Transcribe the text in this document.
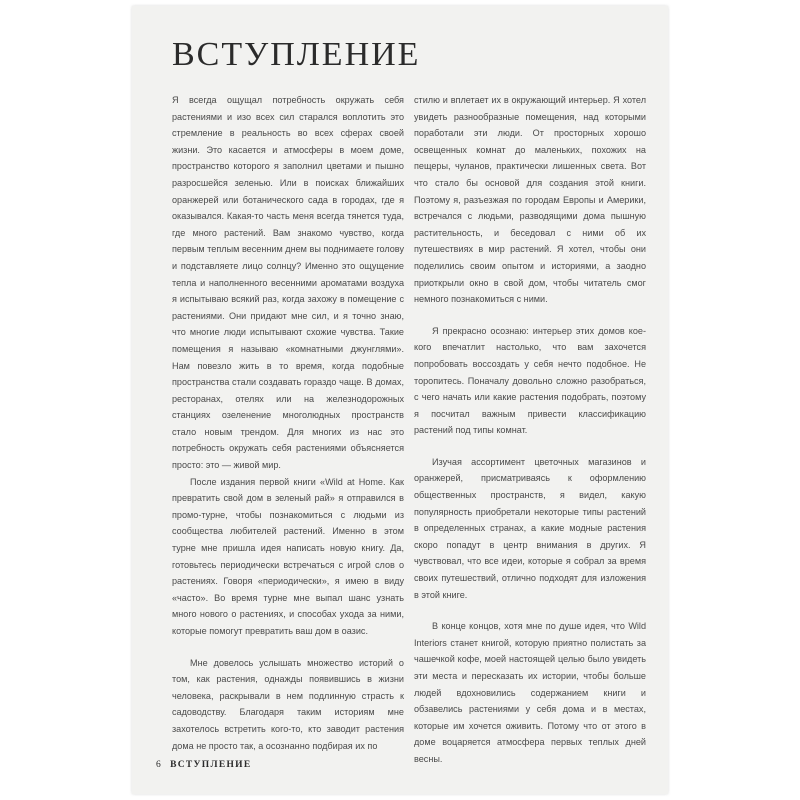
ВСТУПЛЕНИЕ

Я всегда ощущал потребность окружать себя растениями и изо всех сил старался воплотить это стремление в реальность во всех сферах своей жизни. Это касается и атмосферы в моем доме, пространство которого я заполнил цветами и пышно разросшейся зеленью. Или в поисках ближайших оранжерей или ботанического сада в городах, где я оказывался. Какая-то часть меня всегда тянется туда, где много растений. Вам знакомо чувство, когда первым теплым весенним днем вы поднимаете голову и подставляете лицо солнцу? Именно это ощущение тепла и наполненного весенними ароматами воздуха я испытываю всякий раз, когда захожу в помещение с растениями. Они придают мне сил, и я точно знаю, что многие люди испытывают схожие чувства. Такие помещения я называю «комнатными джунглями». Нам повезло жить в то время, когда подобные пространства стали создавать гораздо чаще. В домах, ресторанах, отелях или на железнодорожных станциях озеленение многолюдных пространств стало новым трендом. Для многих из нас это потребность окружать себя растениями объясняется просто: это — живой мир.

После издания первой книги «Wild at Home. Как превратить свой дом в зеленый рай» я отправился в промо-турне, чтобы познакомиться с людьми из сообщества любителей растений. Именно в этом турне мне пришла идея написать новую книгу. Да, готовьтесь периодически встречаться с игрой слов о растениях. Говоря «периодически», я имею в виду «часто». Во время турне мне выпал шанс узнать много нового о растениях, и способах ухода за ними, которые помогут превратить ваш дом в оазис.

Мне довелось услышать множество историй о том, как растения, однажды появившись в жизни человека, раскрывали в нем подлинную страсть к садоводству. Благодаря таким историям мне захотелось встретить кого-то, кто заводит растения дома не просто так, а осознанно подбирая их по

стилю и вплетает их в окружающий интерьер. Я хотел увидеть разнообразные помещения, над которыми поработали эти люди. От просторных хорошо освещенных комнат до маленьких, похожих на пещеры, чуланов, практически лишенных света. Вот что стало бы основой для создания этой книги. Поэтому я, разъезжая по городам Европы и Америки, встречался с людьми, разводящими дома пышную растительность, и беседовал с ними об их путешествиях в мир растений. Я хотел, чтобы они поделились своим опытом и историями, а заодно приоткрыли окно в свой дом, чтобы читатель смог немного познакомиться с ними.

Я прекрасно осознаю: интерьер этих домов кое-кого впечатлит настолько, что вам захочется попробовать воссоздать у себя нечто подобное. Не торопитесь. Поначалу довольно сложно разобраться, с чего начать или какие растения подобрать, поэтому я посчитал важным привести классификацию растений под типы комнат.

Изучая ассортимент цветочных магазинов и оранжерей, присматриваясь к оформлению общественных пространств, я видел, какую популярность приобретали некоторые типы растений в определенных странах, а какие модные растения скоро попадут в центр внимания в других. Я чувствовал, что все идеи, которые я собрал за время своих путешествий, отлично подходят для изложения в этой книге.

В конце концов, хотя мне по душе идея, что Wild Interiors станет книгой, которую приятно полистать за чашечкой кофе, моей настоящей целью было увидеть эти места и пересказать их истории, чтобы больше людей вдохновились содержанием книги и обзавелись растениями у себя дома и в местах, которые им хочется оживить. Потому что от этого в доме воцаряется атмосфера первых теплых дней весны.

6 ВСТУПЛЕНИЕ
